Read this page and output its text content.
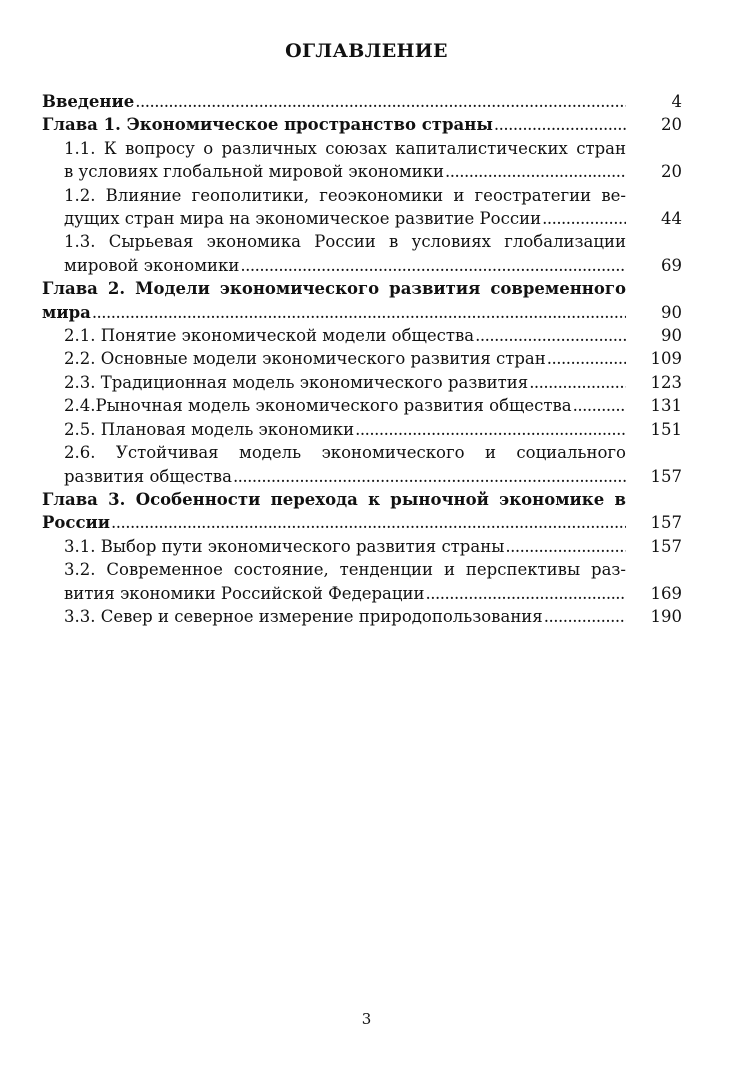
ОГЛАВЛЕНИЕ
Введение .....	4
Глава 1. Экономическое пространство страны .....	20
1.1. К вопросу о различных союзах капиталистических стран
в условиях глобальной мировой экономики .....	20
1.2. Влияние геополитики, геоэкономики и геостратегии ве-
дущих стран мира на экономическое развитие России .....	44
1.3. Сырьевая экономика России в условиях глобализации
мировой экономики .....	69
Глава 2. Модели экономического развития современного
мира .....	90
2.1. Понятие экономической модели общества .....	90
2.2. Основные модели экономического развития стран .....	109
2.3. Традиционная модель экономического развития .....	123
2.4.Рыночная модель экономического развития общества .....	131
2.5. Плановая модель экономики .....	151
2.6. Устойчивая модель экономического и социального
развития общества .....	157
Глава 3. Особенности перехода к рыночной экономике в
России .....	157
3.1. Выбор пути экономического развития страны .....	157
3.2. Современное состояние, тенденции и перспективы раз-
вития экономики Российской Федерации .....	169
3.3. Север и северное измерение природопользования .....	190
3
